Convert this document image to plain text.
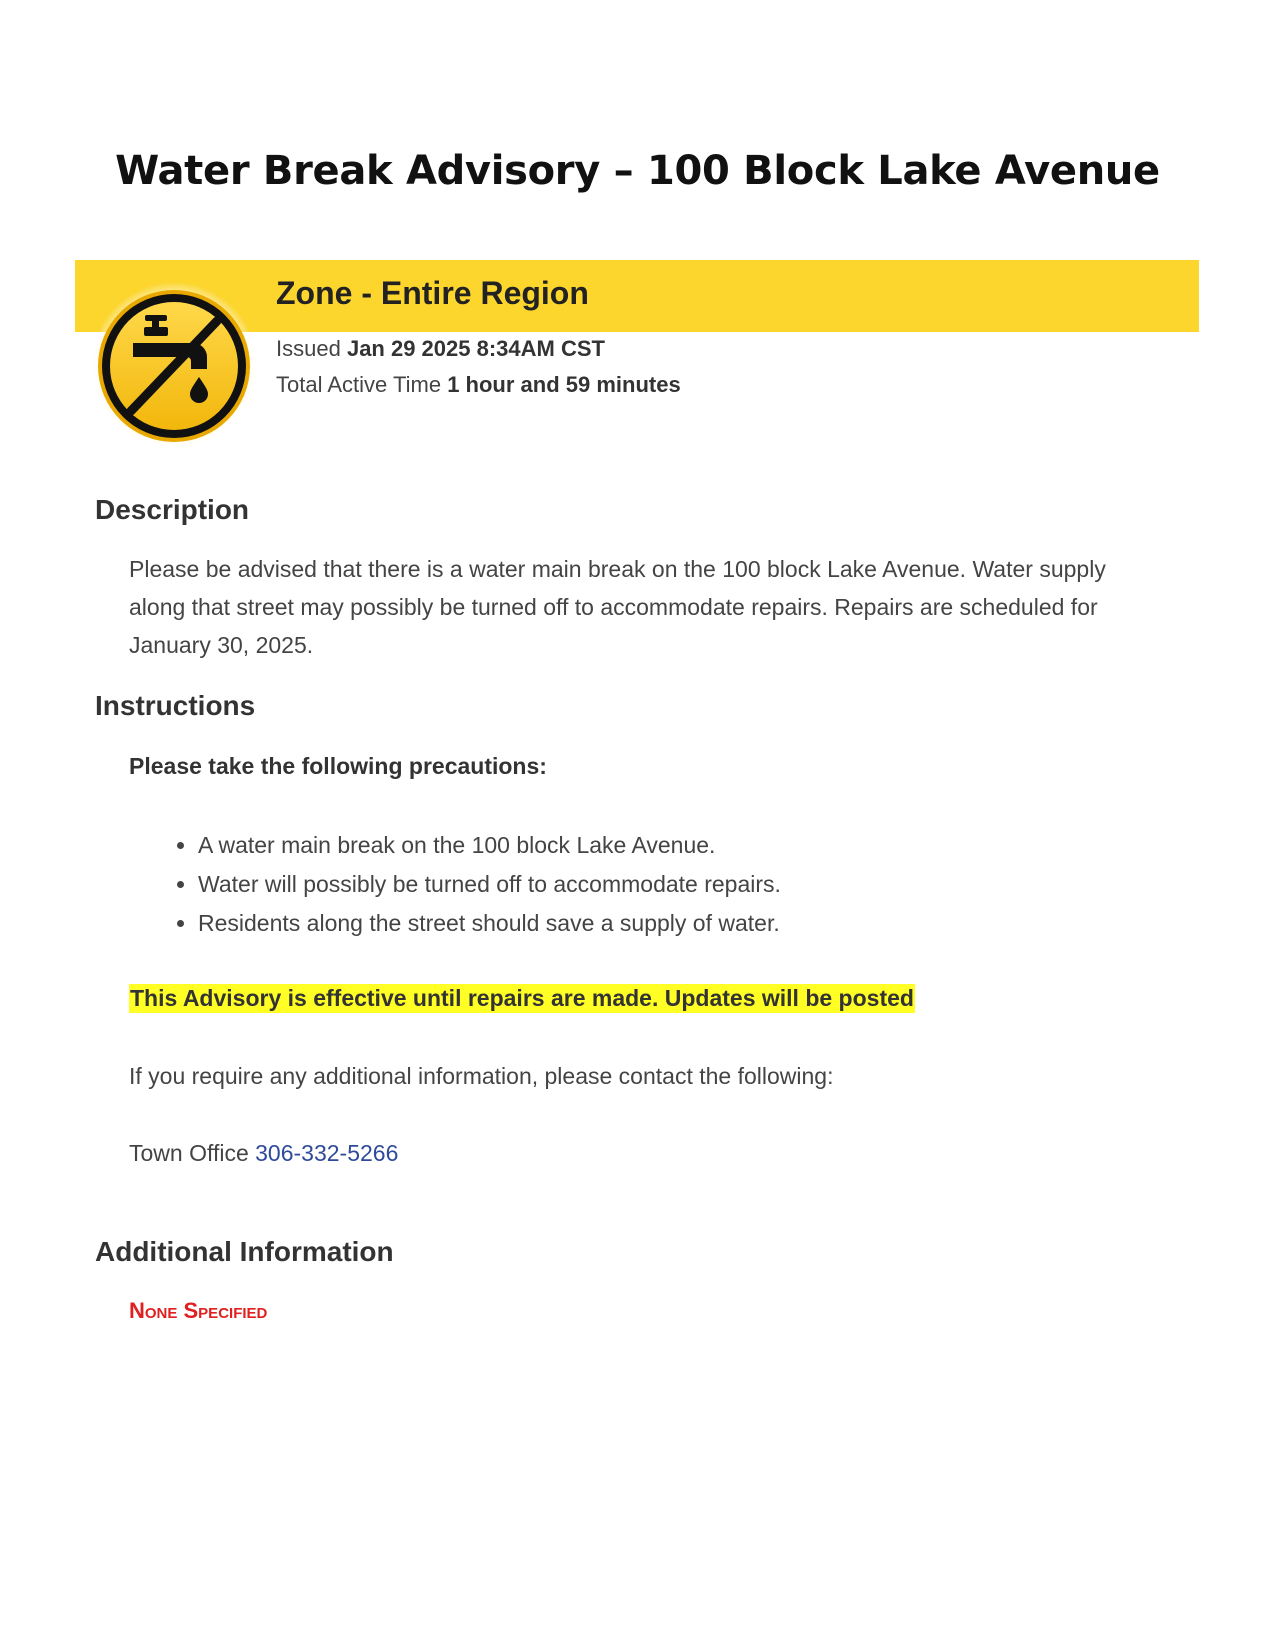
Water Break Advisory – 100 Block Lake Avenue
Zone - Entire Region
Issued Jan 29 2025 8:34AM CST
Total Active Time 1 hour and 59 minutes
Description

Please be advised that there is a water main break on the 100 block Lake Avenue. Water supply along that street may possibly be turned off to accommodate repairs. Repairs are scheduled for January 30, 2025.

Instructions
Please take the following precautions:
• A water main break on the 100 block Lake Avenue.
• Water will possibly be turned off to accommodate repairs.
• Residents along the street should save a supply of water.
This Advisory is effective until repairs are made. Updates will be posted
If you require any additional information, please contact the following:
Town Office 306-332-5266
Additional Information
None Specified
